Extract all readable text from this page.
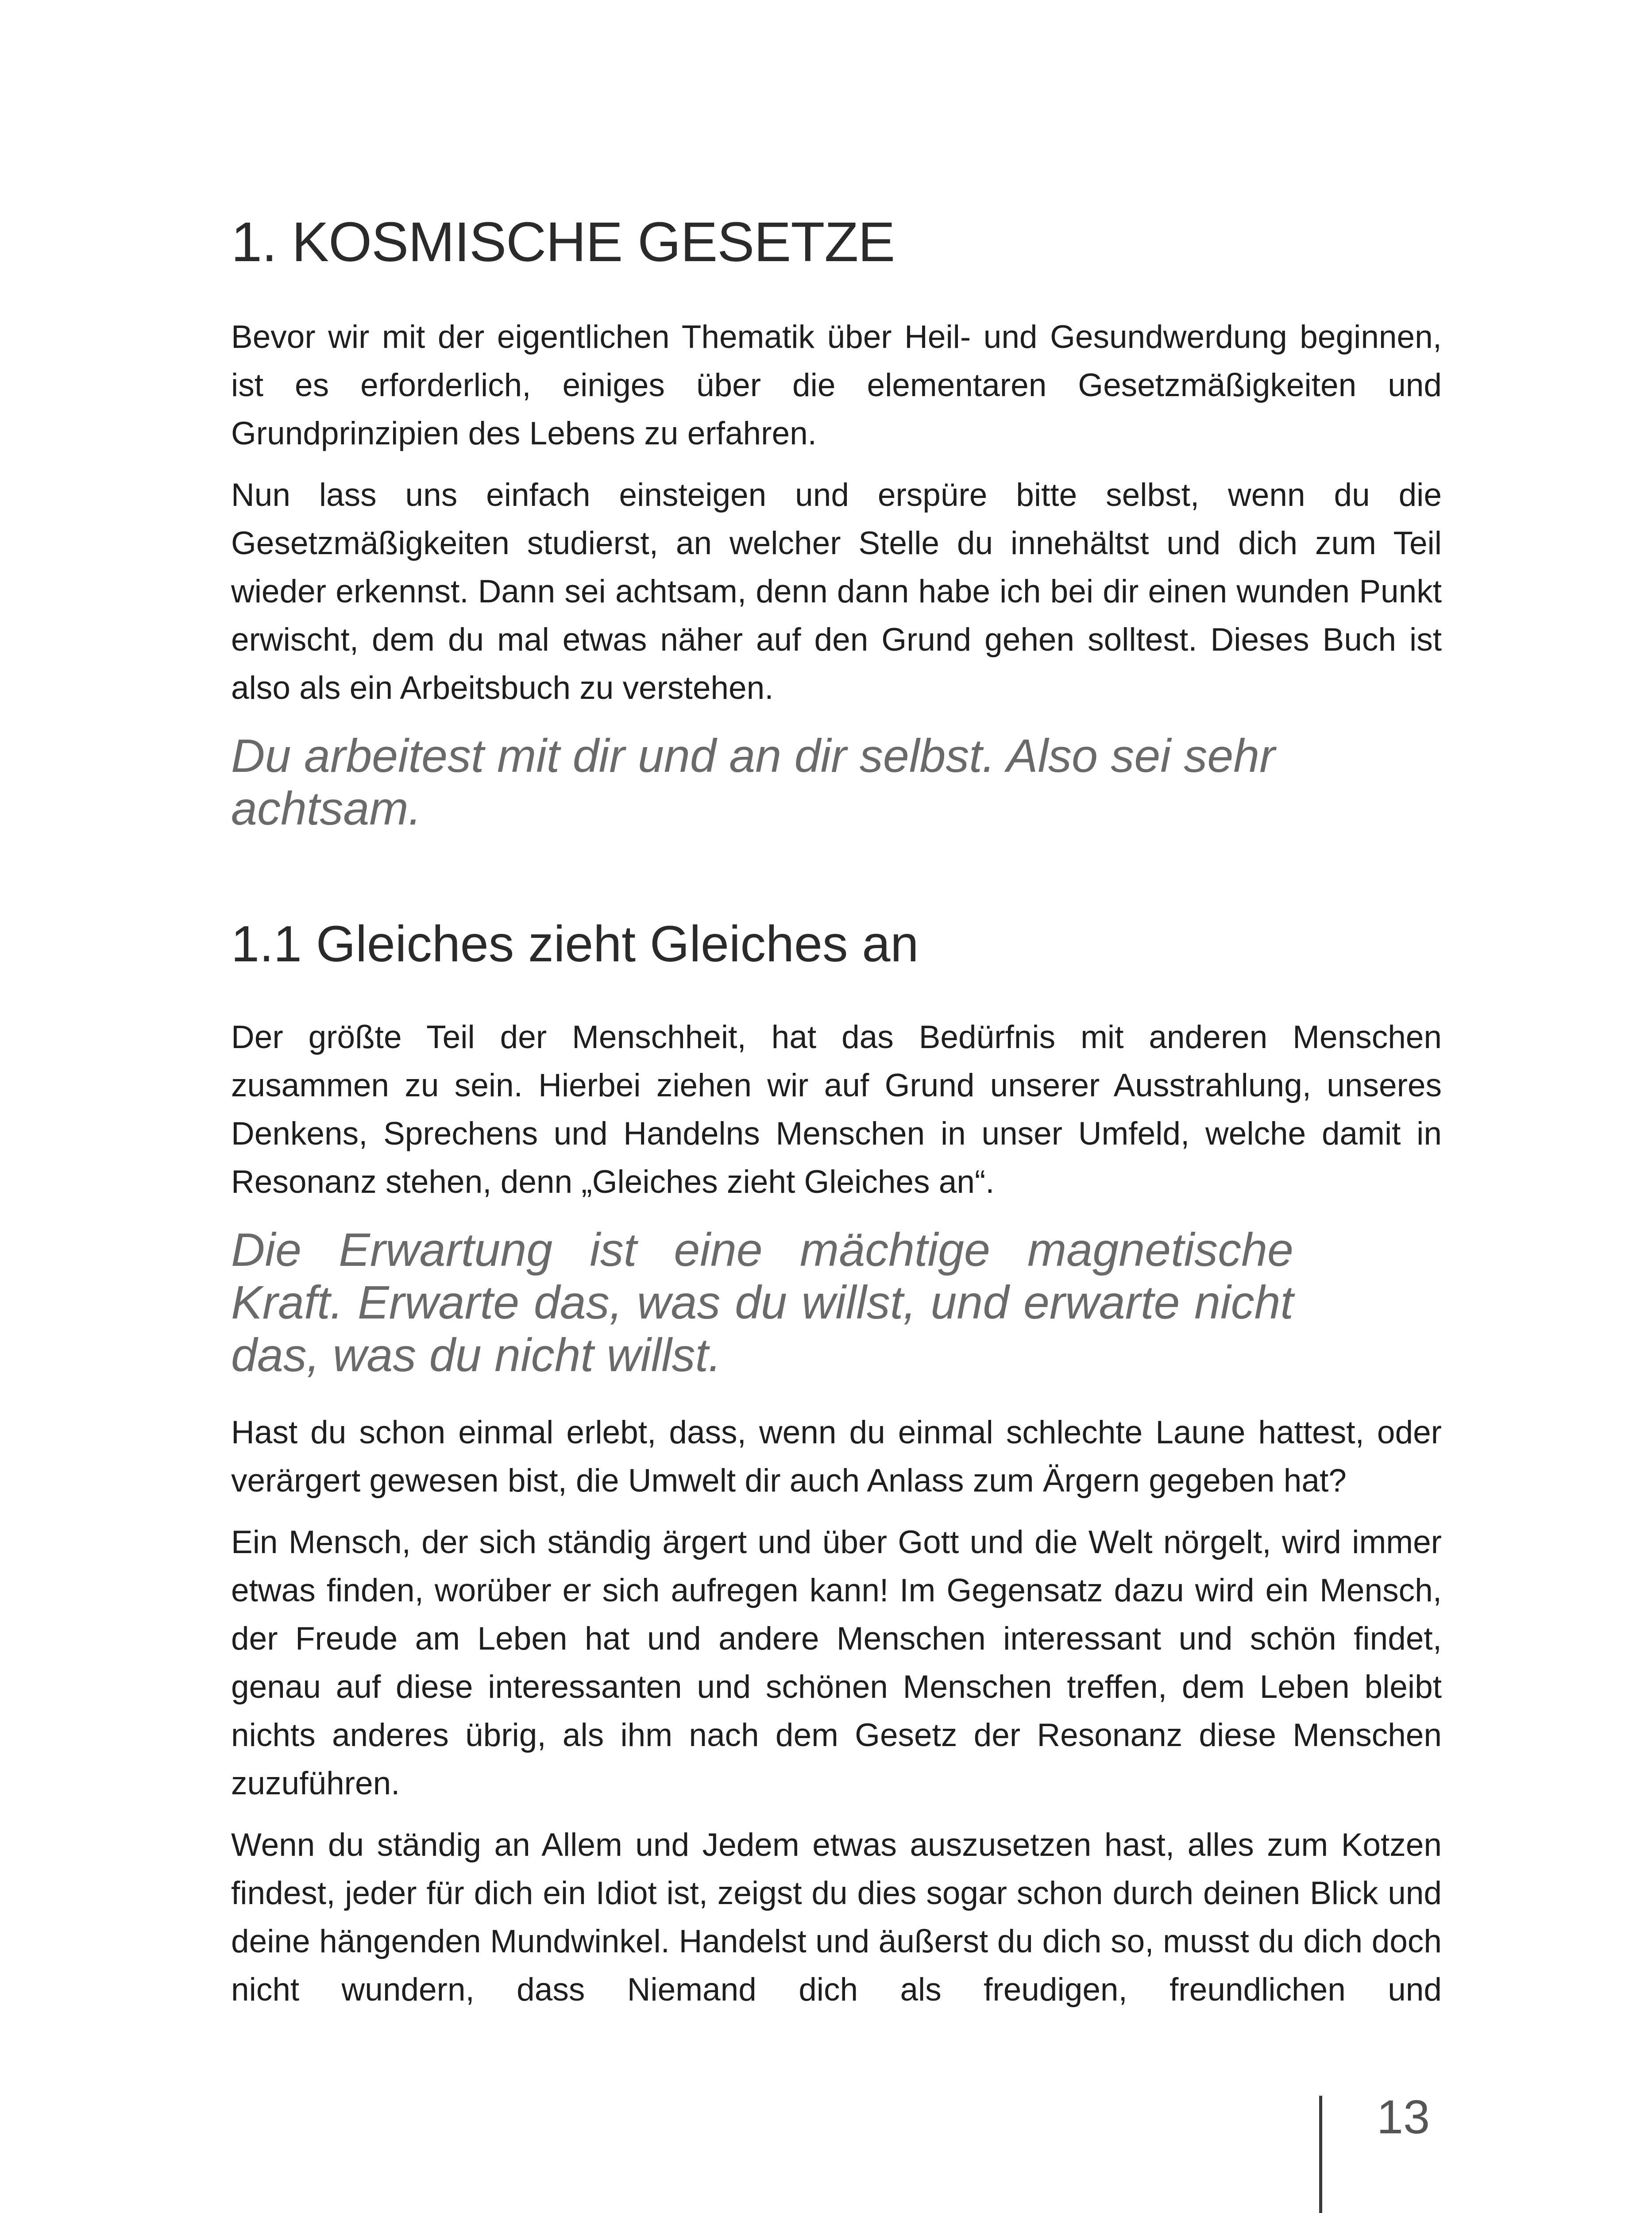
1. KOSMISCHE GESETZE

Bevor wir mit der eigentlichen Thematik über Heil- und Gesundwerdung beginnen, ist es erforderlich, einiges über die elementaren Gesetzmäßigkeiten und Grundprinzipien des Lebens zu erfahren.

Nun lass uns einfach einsteigen und erspüre bitte selbst, wenn du die Gesetzmäßigkeiten studierst, an welcher Stelle du innehältst und dich zum Teil wieder erkennst. Dann sei achtsam, denn dann habe ich bei dir einen wunden Punkt erwischt, dem du mal etwas näher auf den Grund gehen solltest. Dieses Buch ist also als ein Arbeitsbuch zu verstehen.

Du arbeitest mit dir und an dir selbst. Also sei sehr achtsam.
1.1 Gleiches zieht Gleiches an

Der größte Teil der Menschheit, hat das Bedürfnis mit anderen Menschen zusammen zu sein. Hierbei ziehen wir auf Grund unserer Ausstrahlung, unseres Denkens, Sprechens und Handelns Menschen in unser Umfeld, welche damit in Resonanz stehen, denn „Gleiches zieht Gleiches an“.

Die Erwartung ist eine mächtige magnetische Kraft. Erwarte das, was du willst, und erwarte nicht das, was du nicht willst.

Hast du schon einmal erlebt, dass, wenn du einmal schlechte Laune hattest, oder verärgert gewesen bist, die Umwelt dir auch Anlass zum Ärgern gegeben hat?

Ein Mensch, der sich ständig ärgert und über Gott und die Welt nörgelt, wird immer etwas finden, worüber er sich aufregen kann! Im Gegensatz dazu wird ein Mensch, der Freude am Leben hat und andere Menschen interessant und schön findet, genau auf diese interessanten und schönen Menschen treffen, dem Leben bleibt nichts anderes übrig, als ihm nach dem Gesetz der Resonanz diese Menschen zuzuführen.

Wenn du ständig an Allem und Jedem etwas auszusetzen hast, alles zum Kotzen findest, jeder für dich ein Idiot ist, zeigst du dies sogar schon durch deinen Blick und deine hängenden Mundwinkel. Handelst und äußerst du dich so, musst du dich doch nicht wundern, dass Niemand dich als freudigen, freundlichen und

13
